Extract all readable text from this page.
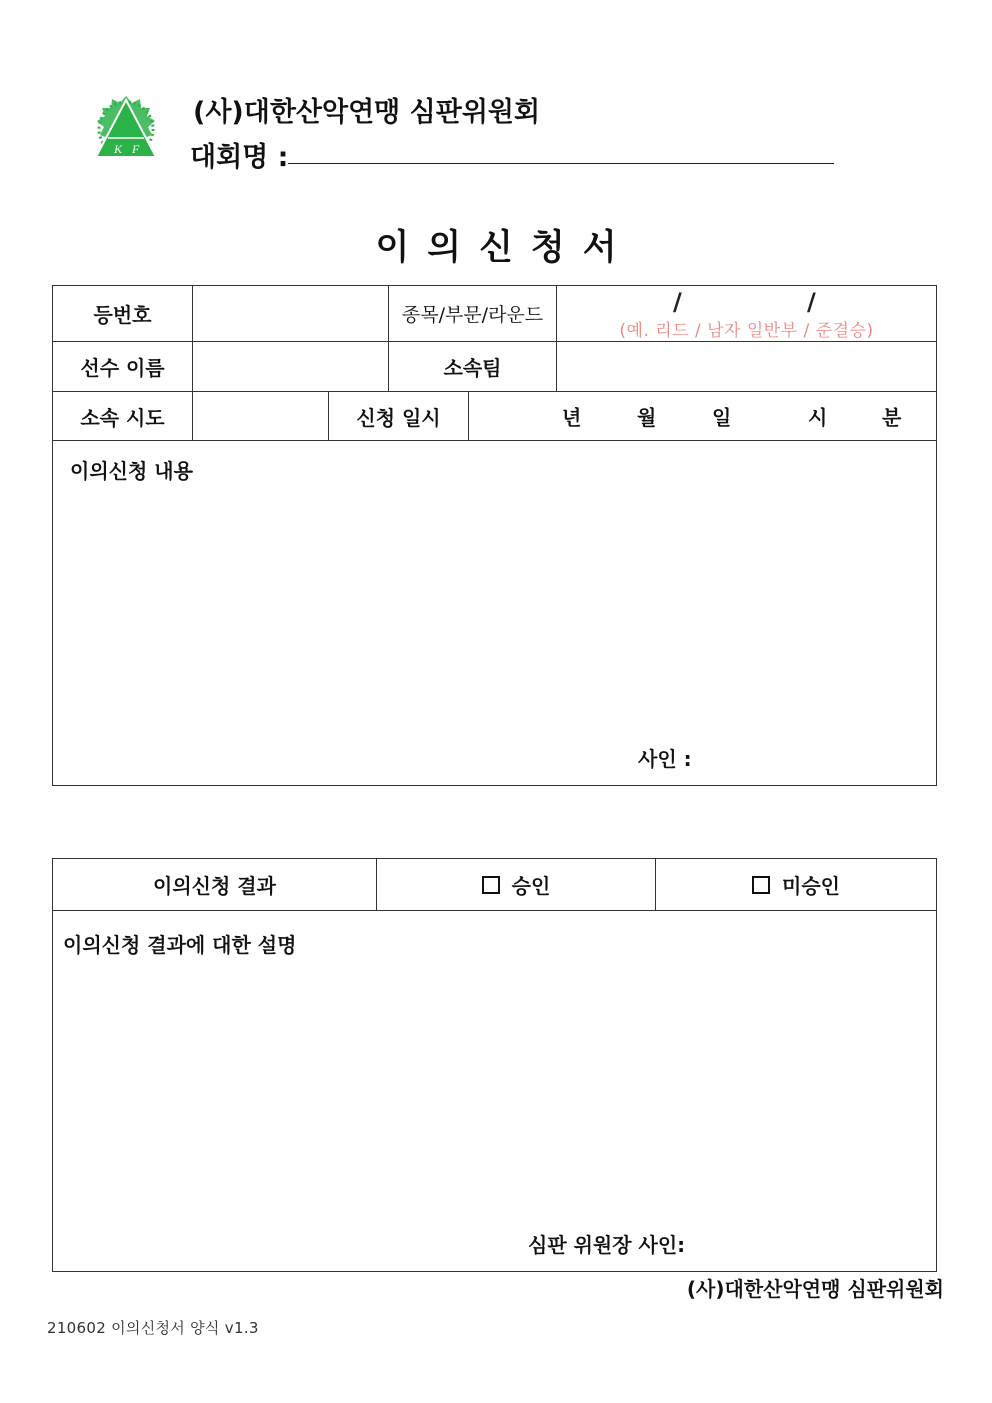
K F
(사)대한산악연맹 심판위원회
대회명 :
이의신청서
등번호			종목/부문/라운드		/ /
(예. 리드 / 남자 일반부 / 준결승)

선수 이름			소속팀		
소속 시도		신청 일시		년 월 일 시 분	

이의신청 내용
사인 :					
이의신청 결과	승인	미승인

이의신청 결과에 대한 설명
심판 위원장 사인:
(사)대한산악연맹 심판위원회
210602 이의신청서 양식 v1.3
